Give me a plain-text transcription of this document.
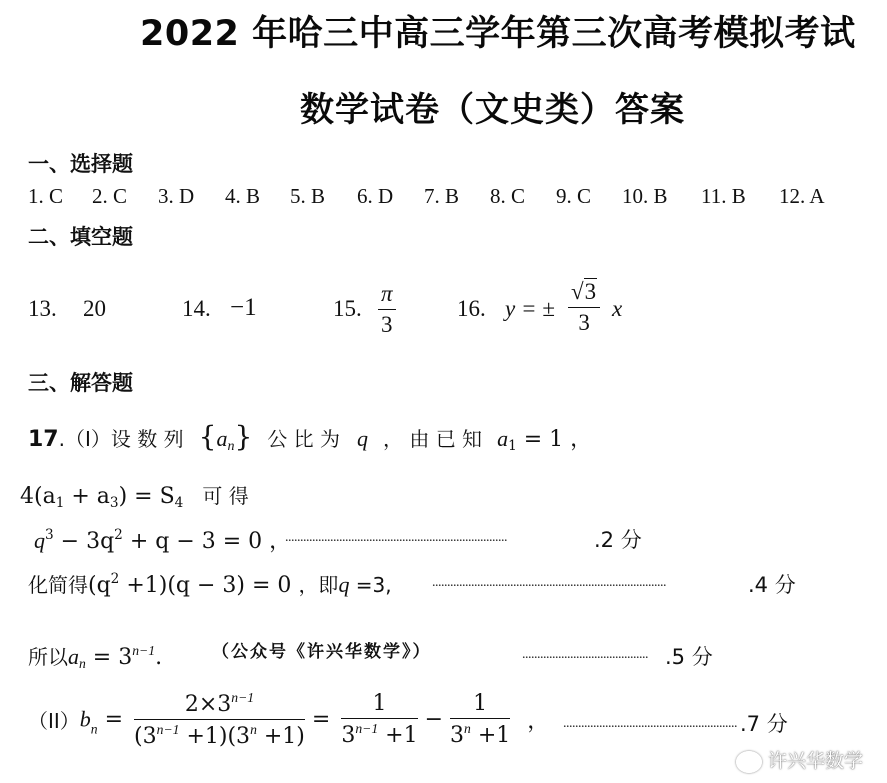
2022 年哈三中高三学年第三次高考模拟考试
数学试卷（文史类）答案
一、选择题
1. C 2. C 3. D 4. B 5. B 6. D 7. B 8. C 9. C 10. B 11. B 12. A
二、填空题
13. 20	14. −1	15. $\frac{\pi}{3}$	16. y = ± $\frac{√3}{3}$ x
三、解答题
17.（Ⅰ）设 数 列 $\{a_n\}$ 公 比 为 q ， 由 已 知 $a_1 = 1$ ，
$4(a_1 + a_3) = S_4$ 可 得
$q^3 - 3q^2 + q - 3 = 0$ ，
..........................................................................	.2 分
化简得$(q^2 +1)(q - 3) = 0$ ，即q =3,	..............................................................................	.4 分
所以$a_n = 3^{n-1}$.	（公众号《许兴华数学》）	.......................................... .5 分
$(II)b_n = \frac{2\times 3^{n-1}}{(3^{n-1} +1)(3^n +1)} = \frac{1}{3^{n-1} +1} - \frac{1}{3^n +1}$ ， .......................................................... .7 分
许兴华数学
